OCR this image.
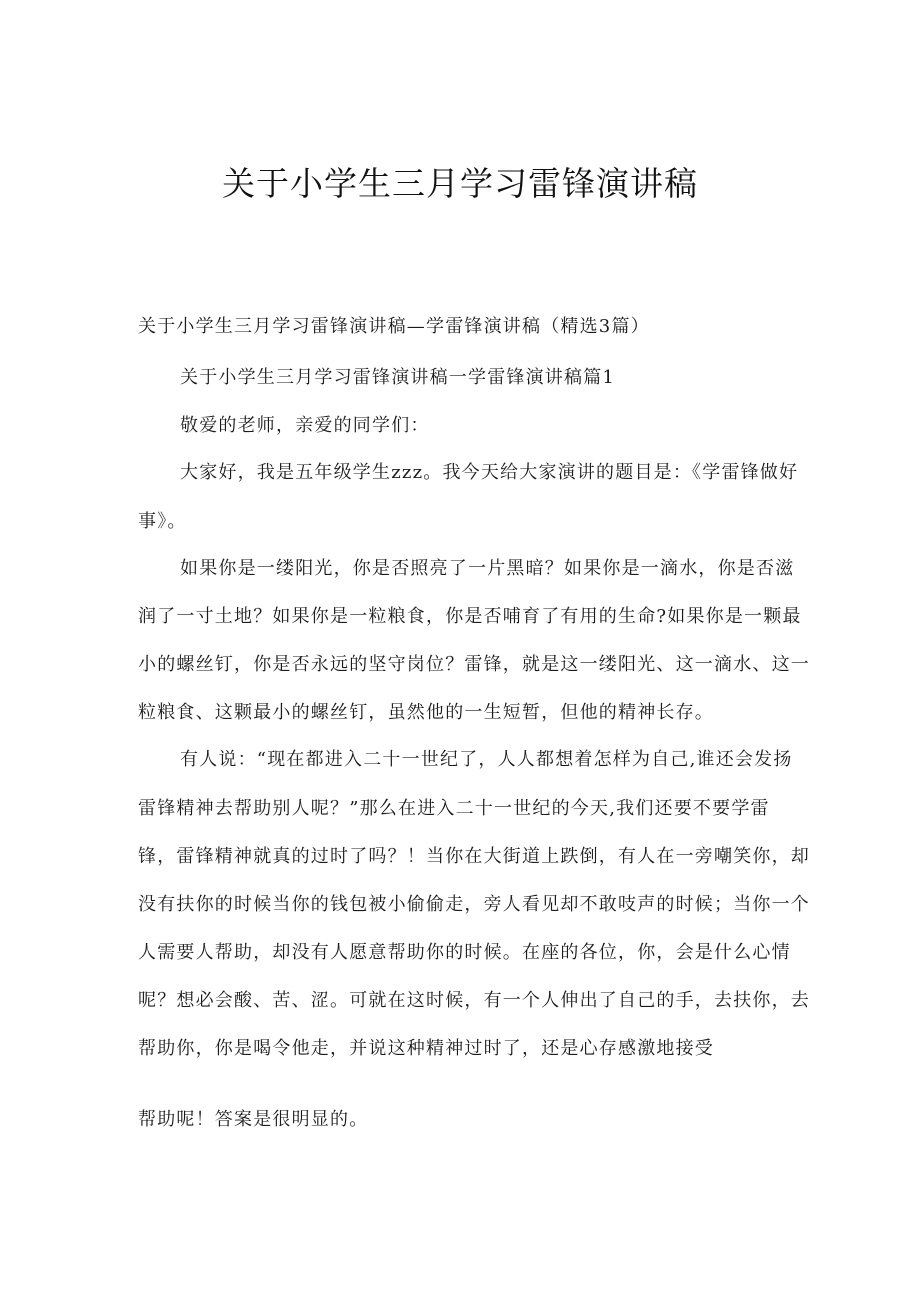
关于小学生三月学习雷锋演讲稿

关于小学生三月学习雷锋演讲稿—学雷锋演讲稿（精选3篇）

关于小学生三月学习雷锋演讲稿一学雷锋演讲稿篇1

敬爱的老师，亲爱的同学们：

大家好，我是五年级学生zzz。我今天给大家演讲的题目是：《学雷锋做好

事》。

如果你是一缕阳光，你是否照亮了一片黑暗？如果你是一滴水，你是否滋

润了一寸土地？如果你是一粒粮食，你是否哺育了有用的生命?如果你是一颗最

小的螺丝钉，你是否永远的坚守岗位？雷锋，就是这一缕阳光、这一滴水、这一

粒粮食、这颗最小的螺丝钉，虽然他的一生短暂，但他的精神长存。

有人说：“现在都进入二十一世纪了，人人都想着怎样为自己,谁还会发扬

雷锋精神去帮助别人呢？”那么在进入二十一世纪的今天,我们还要不要学雷

锋，雷锋精神就真的过时了吗？！当你在大街道上跌倒，有人在一旁嘲笑你，却

没有扶你的时候当你的钱包被小偷偷走，旁人看见却不敢吱声的时候；当你一个

人需要人帮助，却没有人愿意帮助你的时候。在座的各位，你，会是什么心情

呢？想必会酸、苦、涩。可就在这时候，有一个人伸出了自己的手，去扶你，去

帮助你，你是喝令他走，并说这种精神过时了，还是心存感激地接受

帮助呢！答案是很明显的。
